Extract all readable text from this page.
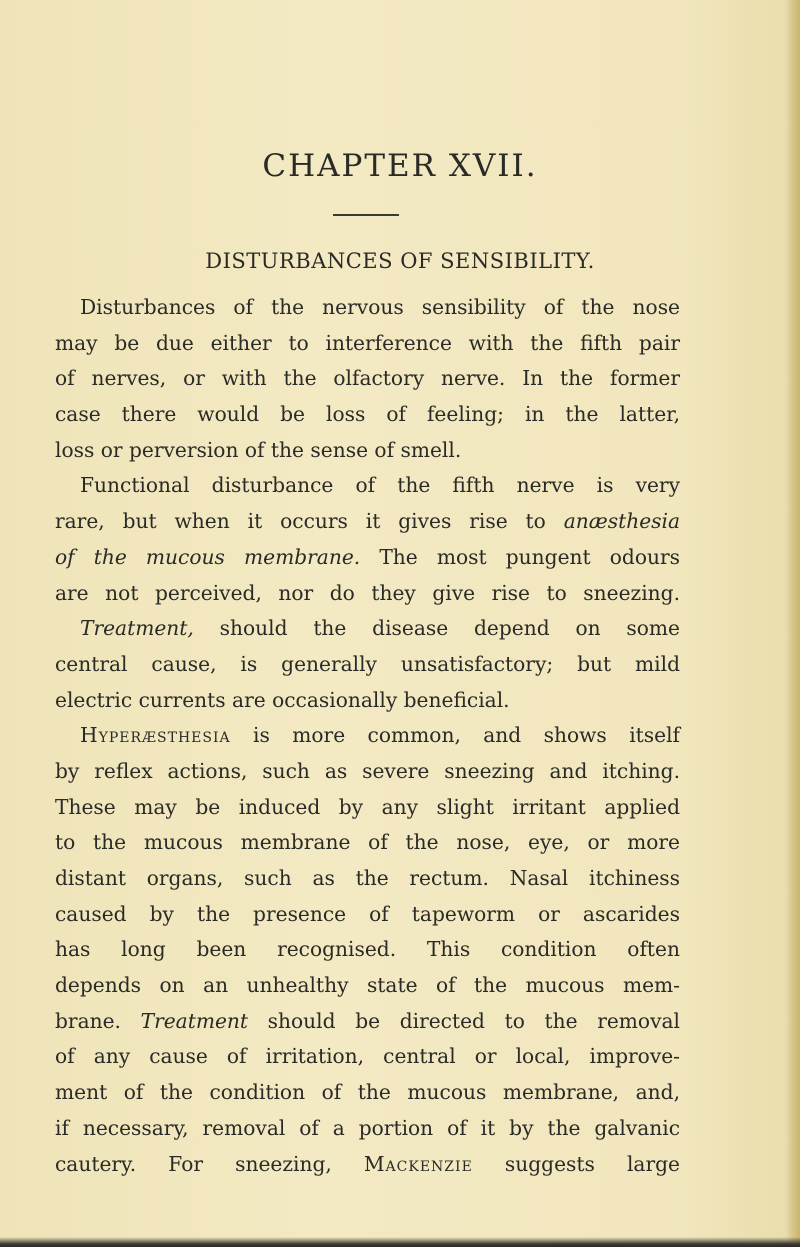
CHAPTER XVII.
DISTURBANCES OF SENSIBILITY.
Disturbances of the nervous sensibility of the nose
may be due either to interference with the fifth pair
of nerves, or with the olfactory nerve. In the former
case there would be loss of feeling; in the latter,
loss or perversion of the sense of smell.
Functional disturbance of the fifth nerve is very
rare, but when it occurs it gives rise to anæsthesia
of the mucous membrane. The most pungent odours
are not perceived, nor do they give rise to sneezing.
Treatment, should the disease depend on some
central cause, is generally unsatisfactory; but mild
electric currents are occasionally beneficial.
Hyperæsthesia is more common, and shows itself
by reflex actions, such as severe sneezing and itching.
These may be induced by any slight irritant applied
to the mucous membrane of the nose, eye, or more
distant organs, such as the rectum. Nasal itchiness
caused by the presence of tapeworm or ascarides
has long been recognised. This condition often
depends on an unhealthy state of the mucous mem-
brane. Treatment should be directed to the removal
of any cause of irritation, central or local, improve-
ment of the condition of the mucous membrane, and,
if necessary, removal of a portion of it by the galvanic
cautery. For sneezing, Mackenzie suggests large
